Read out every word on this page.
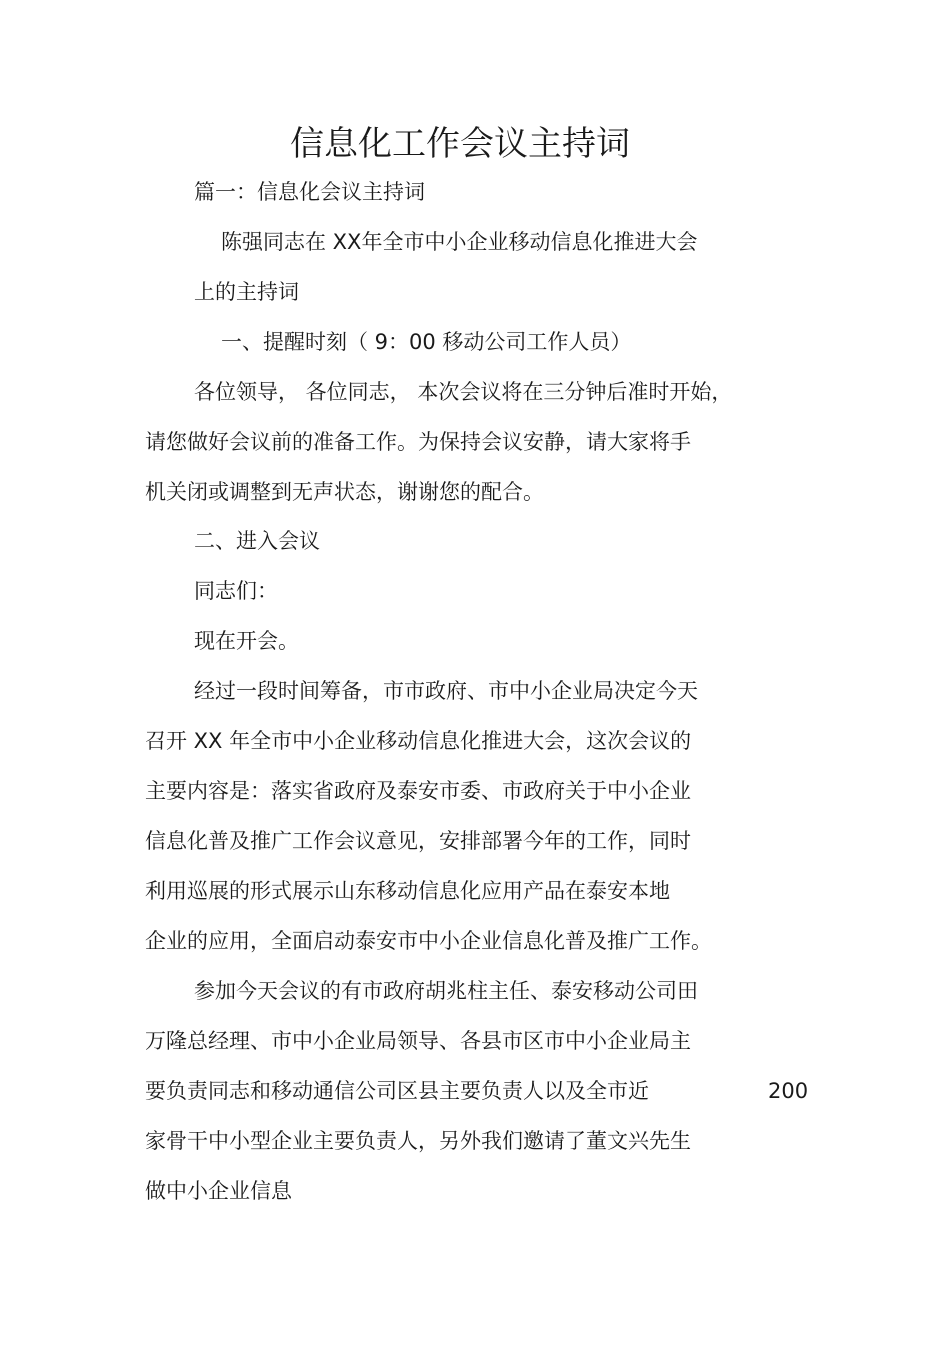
信息化工作会议主持词
篇一：信息化会议主持词
陈强同志在 XX年全市中小企业移动信息化推进大会
上的主持词
一、提醒时刻（ 9：00 移动公司工作人员）
各位领导， 各位同志， 本次会议将在三分钟后准时开始，
请您做好会议前的准备工作。为保持会议安静，请大家将手
机关闭或调整到无声状态，谢谢您的配合。
二、进入会议
同志们：
现在开会。
经过一段时间筹备，市市政府、市中小企业局决定今天
召开 XX 年全市中小企业移动信息化推进大会，这次会议的
主要内容是：落实省政府及泰安市委、市政府关于中小企业
信息化普及推广工作会议意见，安排部署今年的工作，同时
利用巡展的形式展示山东移动信息化应用产品在泰安本地
企业的应用，全面启动泰安市中小企业信息化普及推广工作。
参加今天会议的有市政府胡兆柱主任、泰安移动公司田
万隆总经理、市中小企业局领导、各县市区市中小企业局主
要负责同志和移动通信公司区县主要负责人以及全市近	200
家骨干中小型企业主要负责人，另外我们邀请了董文兴先生
做中小企业信息
